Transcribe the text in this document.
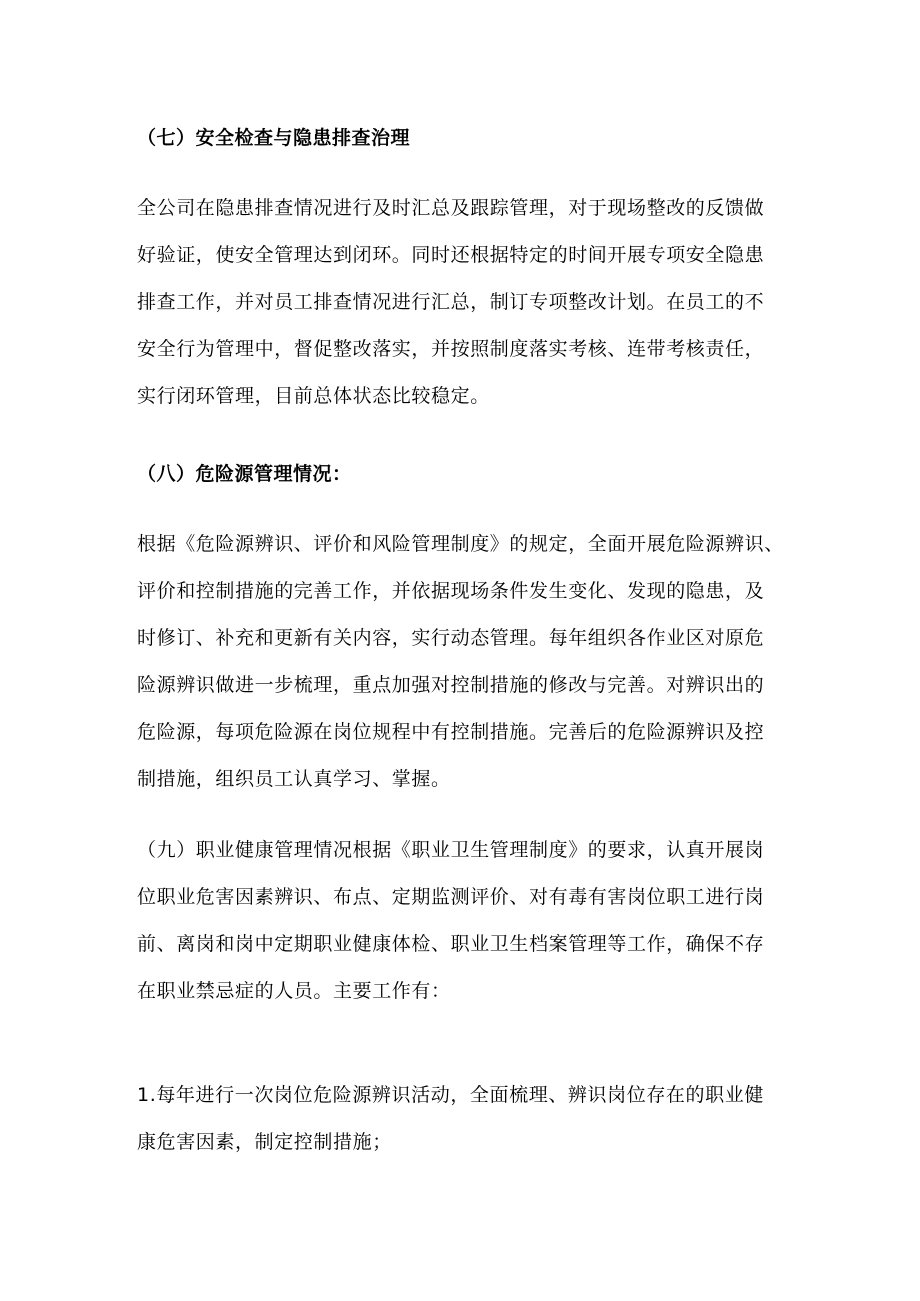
（七）安全检查与隐患排查治理
全公司在隐患排查情况进行及时汇总及跟踪管理，对于现场整改的反馈做
好验证，使安全管理达到闭环。同时还根据特定的时间开展专项安全隐患
排查工作，并对员工排查情况进行汇总，制订专项整改计划。在员工的不
安全行为管理中，督促整改落实，并按照制度落实考核、连带考核责任，
实行闭环管理，目前总体状态比较稳定。
（八）危险源管理情况：
根据《危险源辨识、评价和风险管理制度》的规定，全面开展危险源辨识、
评价和控制措施的完善工作，并依据现场条件发生变化、发现的隐患，及
时修订、补充和更新有关内容，实行动态管理。每年组织各作业区对原危
险源辨识做进一步梳理，重点加强对控制措施的修改与完善。对辨识出的
危险源，每项危险源在岗位规程中有控制措施。完善后的危险源辨识及控
制措施，组织员工认真学习、掌握。
（九）职业健康管理情况根据《职业卫生管理制度》的要求，认真开展岗
位职业危害因素辨识、布点、定期监测评价、对有毒有害岗位职工进行岗
前、离岗和岗中定期职业健康体检、职业卫生档案管理等工作，确保不存
在职业禁忌症的人员。主要工作有：
1.每年进行一次岗位危险源辨识活动，全面梳理、辨识岗位存在的职业健
康危害因素，制定控制措施；
